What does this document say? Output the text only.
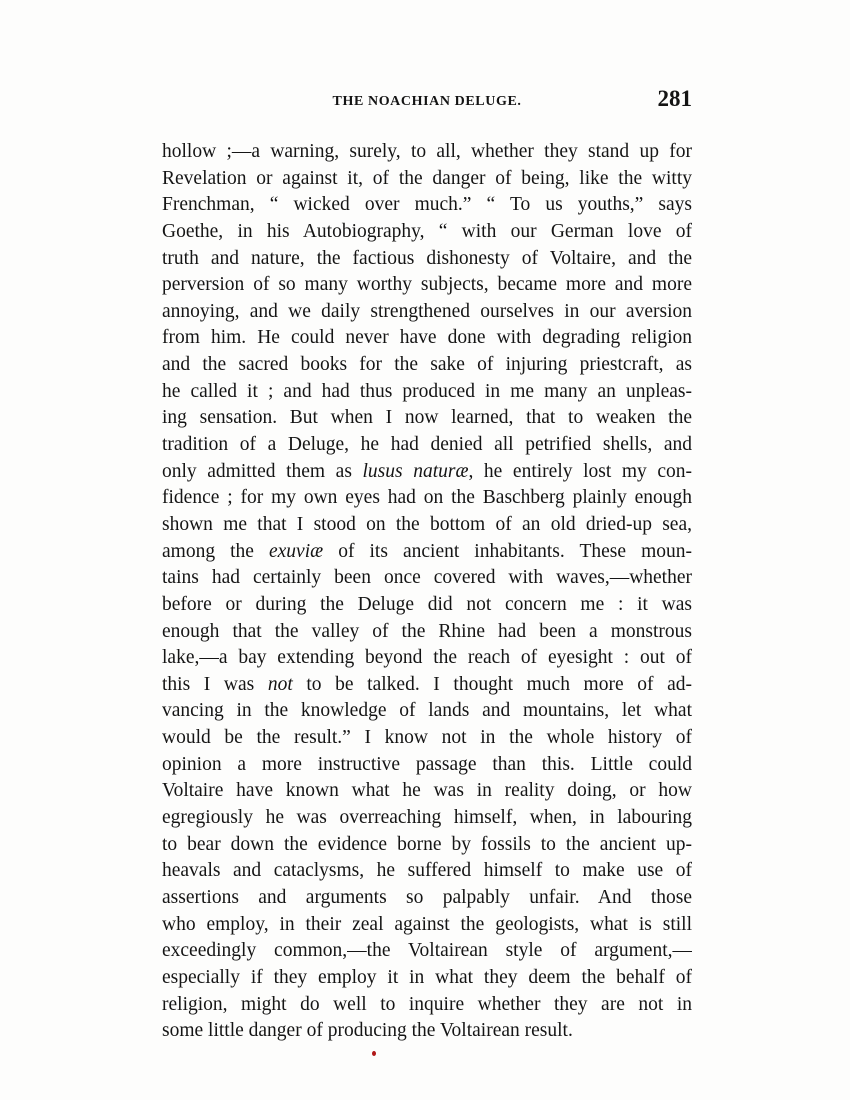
THE NOACHIAN DELUGE.	281
hollow ;—a warning, surely, to all, whether they stand up for
Revelation or against it, of the danger of being, like the witty
Frenchman, “ wicked over much.” “ To us youths,” says
Goethe, in his Autobiography, “ with our German love of
truth and nature, the factious dishonesty of Voltaire, and the
perversion of so many worthy subjects, became more and more
annoying, and we daily strengthened ourselves in our aversion
from him. He could never have done with degrading religion
and the sacred books for the sake of injuring priestcraft, as
he called it ; and had thus produced in me many an unpleas-
ing sensation. But when I now learned, that to weaken the
tradition of a Deluge, he had denied all petrified shells, and
only admitted them as lusus naturæ, he entirely lost my con-
fidence ; for my own eyes had on the Baschberg plainly enough
shown me that I stood on the bottom of an old dried-up sea,
among the exuviæ of its ancient inhabitants. These moun-
tains had certainly been once covered with waves,—whether
before or during the Deluge did not concern me : it was
enough that the valley of the Rhine had been a monstrous
lake,—a bay extending beyond the reach of eyesight : out of
this I was not to be talked. I thought much more of ad-
vancing in the knowledge of lands and mountains, let what
would be the result.” I know not in the whole history of
opinion a more instructive passage than this. Little could
Voltaire have known what he was in reality doing, or how
egregiously he was overreaching himself, when, in labouring
to bear down the evidence borne by fossils to the ancient up-
heavals and cataclysms, he suffered himself to make use of
assertions and arguments so palpably unfair. And those
who employ, in their zeal against the geologists, what is still
exceedingly common,—the Voltairean style of argument,—
especially if they employ it in what they deem the behalf of
religion, might do well to inquire whether they are not in
some little danger of producing the Voltairean result.
